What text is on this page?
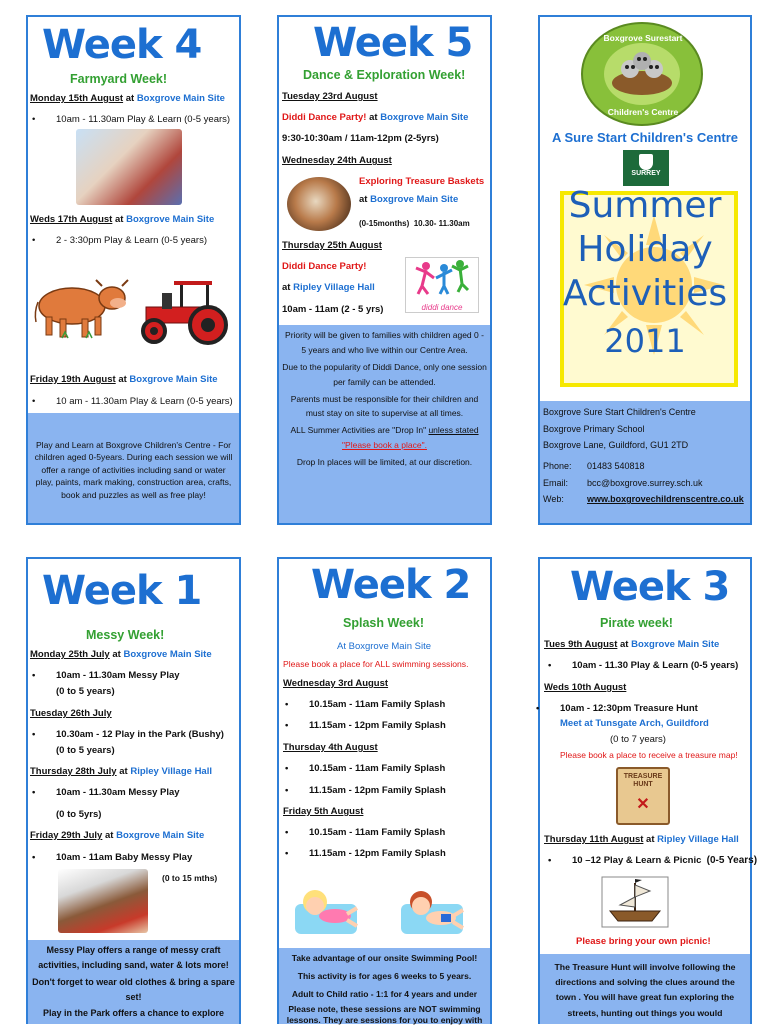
Week 4
Farmyard Week!
Monday 15th August at Boxgrove Main Site
• 10am - 11.30am Play & Learn (0-5 years)
Weds 17th August at Boxgrove Main Site
• 2 - 3:30pm Play & Learn (0-5 years)
Friday 19th August at Boxgrove Main Site
• 10 am - 11.30am Play & Learn (0-5 years)

Play and Learn at Boxgrove Children's Centre - For children aged 0-5years. During each session we will offer a range of activities including sand or water play, paints, mark making, construction area, crafts, book and puzzles as well as free play!

Week 5
Dance & Exploration Week!
Tuesday 23rd August
Diddi Dance Party! at Boxgrove Main Site
9:30-10:30am / 11am-12pm (2-5yrs)
Wednesday 24th August
Exploring Treasure Baskets
at Boxgrove Main Site
(0-15months) 10.30- 11.30am
Thursday 25th August
Diddi Dance Party!
at Ripley Village Hall
10am - 11am (2 - 5 yrs)	diddi dance

Priority will be given to families with children aged 0 - 5 years and who live within our Centre Area.

Due to the popularity of Diddi Dance, only one session per family can be attended.

Parents must be responsible for their children and must stay on site to supervise at all times.

ALL Summer Activities are "Drop In" unless stated
"Please book a place".

Drop In places will be limited, at our discretion.

Boxgrove Surestart
Children's Centre
A Sure Start Children's Centre
SURREY
Summer
Holiday
Activities
2011
Boxgrove Sure Start Children's Centre
Boxgrove Primary School
Boxgrove Lane, Guildford, GU1 2TD
Phone: 01483 540818
Email: bcc@boxgrove.surrey.sch.uk
Web:	www.boxgrovechildrenscentre.co.uk
Week 1
Messy Week!
Monday 25th July at Boxgrove Main Site
• 10am - 11.30am Messy Play
(0 to 5 years)
Tuesday 26th July
• 10.30am - 12 Play in the Park (Bushy)
(0 to 5 years)
Thursday 28th July at Ripley Village Hall
• 10am - 11.30am Messy Play
(0 to 5yrs)
Friday 29th July at Boxgrove Main Site
• 10am - 11am Baby Messy Play
(0 to 15 mths)

Messy Play offers a range of messy craft activities, including sand, water & lots more!

Don't forget to wear old clothes & bring a spare set!

Play in the Park offers a chance to explore

Week 2
Splash Week!
At Boxgrove Main Site
Please book a place for ALL swimming sessions.
Wednesday 3rd August
• 10.15am - 11am Family Splash
• 11.15am - 12pm Family Splash
Thursday 4th August
• 10.15am - 11am Family Splash
• 11.15am - 12pm Family Splash
Friday 5th August
• 10.15am - 11am Family Splash
• 11.15am - 12pm Family Splash

Take advantage of our onsite Swimming Pool!

This activity is for ages 6 weeks to 5 years.

Adult to Child ratio - 1:1 for 4 years and under

Please note, these sessions are NOT swimming lessons. They are sessions for you to enjoy with

Week 3
Pirate week!
Tues 9th August at Boxgrove Main Site
• 10am - 11.30 Play & Learn (0-5 years)
Weds 10th August
• 10am - 12:30pm Treasure Hunt
Meet at Tunsgate Arch, Guildford
(0 to 7 years)
Please book a place to receive a treasure map!
TREASURE HUNT
✕
Thursday 11th August at Ripley Village Hall
10 –12 Play & Learn & Picnic (0-5 Years)
Please bring your own picnic!

The Treasure Hunt will involve following the directions and solving the clues around the town . You will have great fun exploring the streets, hunting out things you would
